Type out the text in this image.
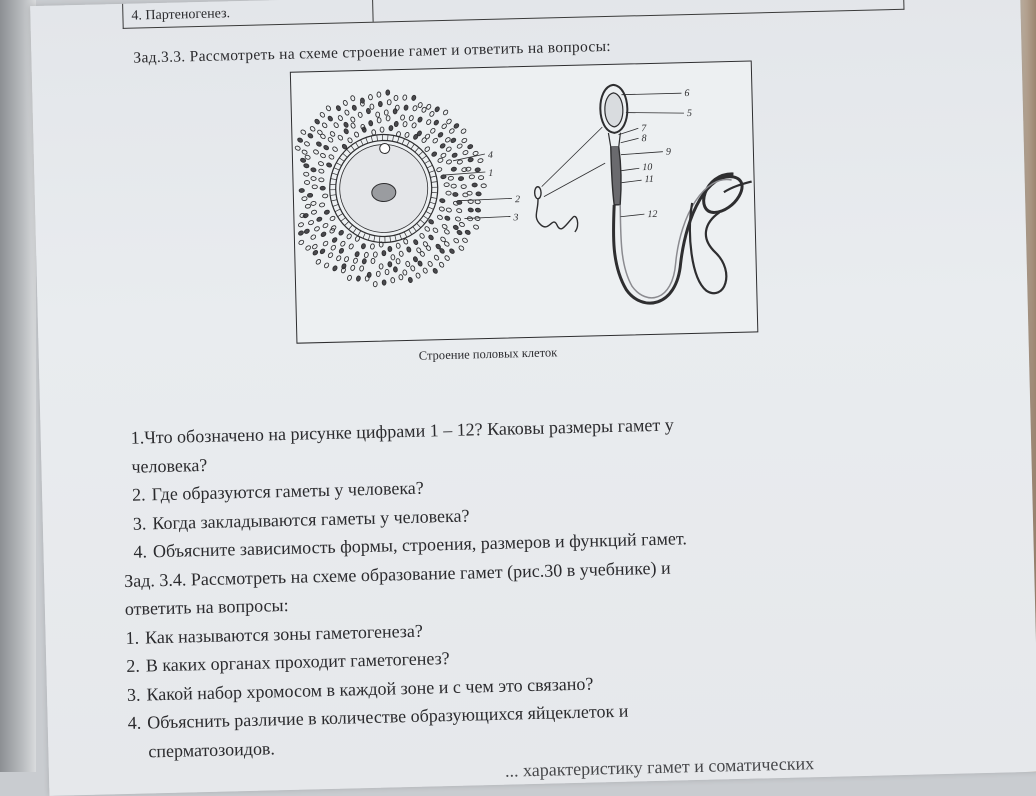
4. Партеногенез.
Зад.3.3. Рассмотреть на схеме строение гамет и ответить на вопросы:
4
1
2
3
6
5
7
8
9
10
11
12
Строение половых клеток
1. Что обозначено на рисунке цифрами 1 – 12? Каковы размеры гамет у
человека?
2. Где образуются гаметы у человека?
3. Когда закладываются гаметы у человека?
4. Объясните зависимость формы, строения, размеров и функций гамет.
Зад. 3.4. Рассмотреть на схеме образование гамет (рис.30 в учебнике) и
ответить на вопросы:
1. Как называются зоны гаметогенеза?
2. В каких органах проходит гаметогенез?
3. Какой набор хромосом в каждой зоне и с чем это связано?
4. Объяснить различие в количестве образующихся яйцеклеток и
сперматозоидов.
... характеристику гамет и соматических
